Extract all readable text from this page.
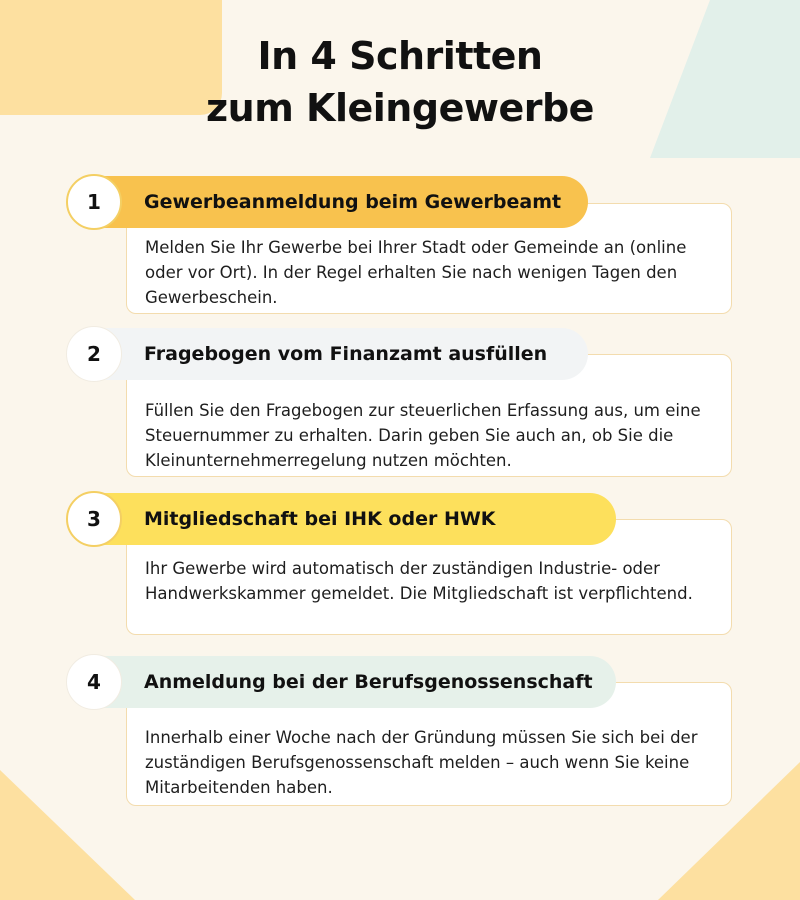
In 4 Schritten
zum Kleingewerbe
Melden Sie Ihr Gewerbe bei Ihrer Stadt oder Gemeinde an (online oder vor Ort). In der Regel erhalten Sie nach wenigen Tagen den Gewerbeschein.
Gewerbeanmeldung beim Gewerbeamt
1
Füllen Sie den Fragebogen zur steuerlichen Erfassung aus, um eine Steuernummer zu erhalten. Darin geben Sie auch an, ob Sie die Kleinunternehmerregelung nutzen möchten.
Fragebogen vom Finanzamt ausfüllen
2
Ihr Gewerbe wird automatisch der zuständigen Industrie- oder Handwerkskammer gemeldet. Die Mitgliedschaft ist verpflichtend.
Mitgliedschaft bei IHK oder HWK
3
Innerhalb einer Woche nach der Gründung müssen Sie sich bei der zuständigen Berufsgenossenschaft melden – auch wenn Sie keine Mitarbeitenden haben.
Anmeldung bei der Berufsgenossenschaft
4
